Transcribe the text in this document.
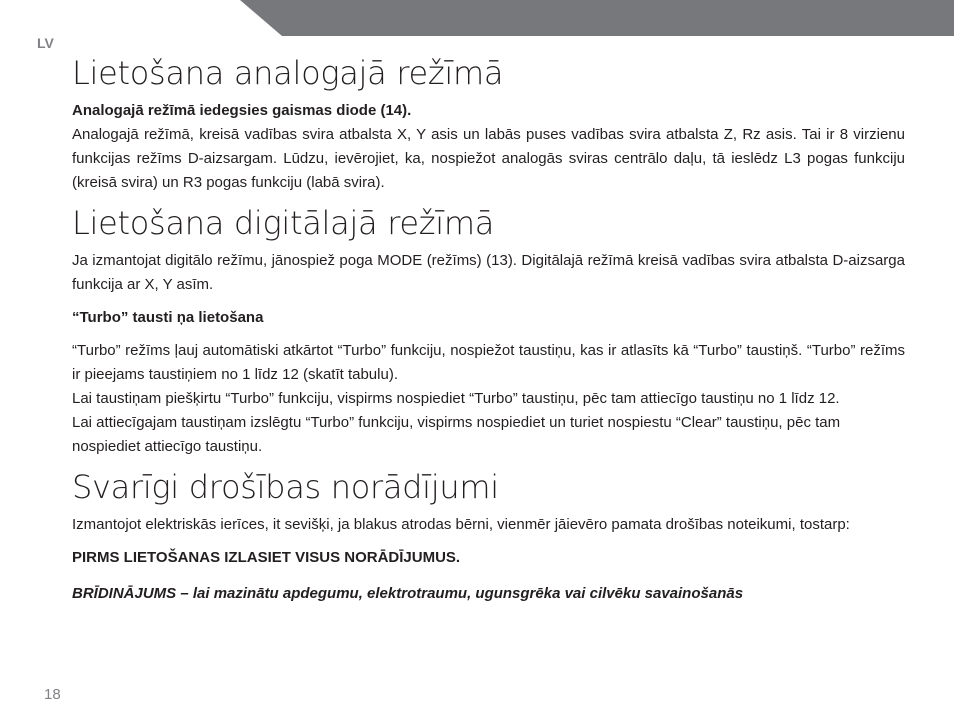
LV
Lietošana analogajā režīmā

Analogajā režīmā iedegsies gaismas diode (14).

Analogajā režīmā, kreisā vadības svira atbalsta X, Y asis un labās puses vadības svira atbalsta Z, Rz asis. Tai ir 8 virzienu funkcijas režīms D-aizsargam. Lūdzu, ievērojiet, ka, nospiežot analogās sviras centrālo daļu, tā ieslēdz L3 pogas funkciju (kreisā svira) un R3 pogas funkciju (labā svira).

Lietošana digitālajā režīmā

Ja izmantojat digitālo režīmu, jānospiež poga MODE (režīms) (13). Digitālajā režīmā kreisā vadības svira atbalsta D-aizsarga funkcija ar X, Y asīm.

“Turbo” tausti ņa lietošana

“Turbo” režīms ļauj automātiski atkārtot “Turbo” funkciju, nospiežot taustiņu, kas ir atlasīts kā “Turbo” taustiņš. “Turbo” režīms ir pieejams taustiņiem no 1 līdz 12 (skatīt tabulu).

Lai taustiņam piešķirtu “Turbo” funkciju, vispirms nospiediet “Turbo” taustiņu, pēc tam attiecīgo taustiņu no 1 līdz 12.

Lai attiecīgajam taustiņam izslēgtu “Turbo” funkciju, vispirms nospiediet un turiet nospiestu “Clear” taustiņu, pēc tam nospiediet attiecīgo taustiņu.

Svarīgi drošības norādījumi

Izmantojot elektriskās ierīces, it sevišķi, ja blakus atrodas bērni, vienmēr jāievēro pamata drošības noteikumi, tostarp:

PIRMS LIETOŠANAS IZLASIET VISUS NORĀDĪJUMUS.

BRĪDINĀJUMS – lai mazinātu apdegumu, elektrotraumu, ugunsgrēka vai cilvēku savainošanās

18
